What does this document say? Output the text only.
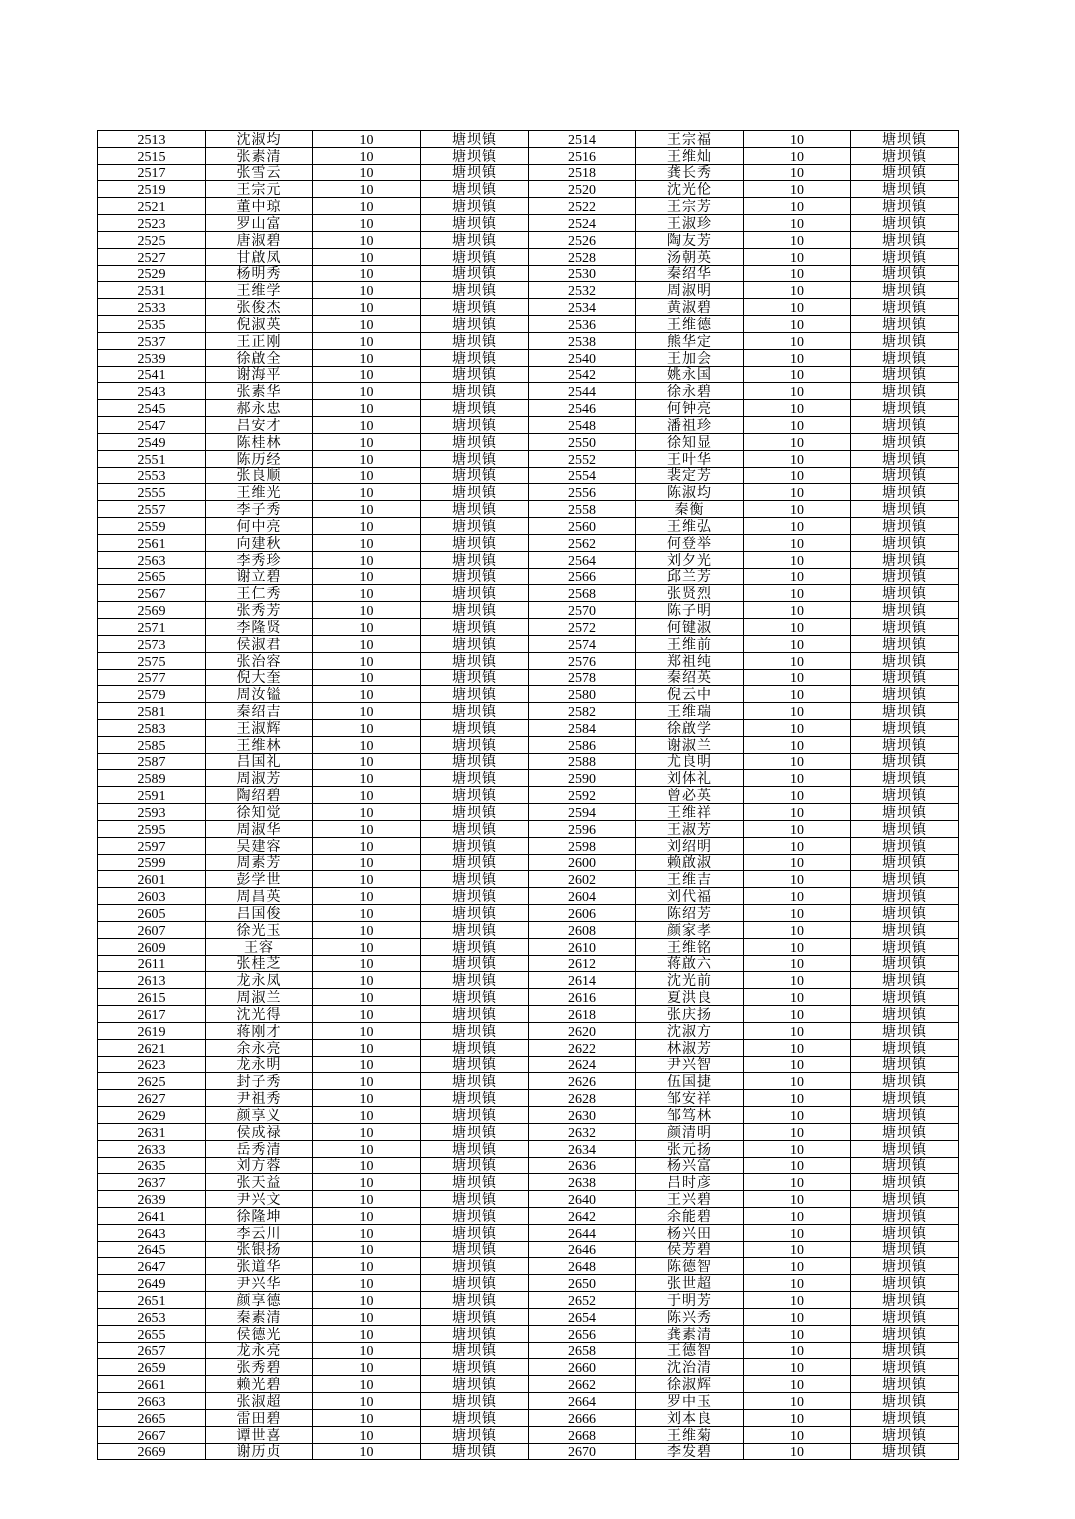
2513	沈淑均	10	塘坝镇	2514	王宗福	10	塘坝镇
2515	张素清	10	塘坝镇	2516	王维灿	10	塘坝镇
2517	张雪云	10	塘坝镇	2518	龚长秀	10	塘坝镇
2519	王宗元	10	塘坝镇	2520	沈光伦	10	塘坝镇
2521	董中琼	10	塘坝镇	2522	王宗芳	10	塘坝镇
2523	罗山富	10	塘坝镇	2524	王淑珍	10	塘坝镇
2525	唐淑碧	10	塘坝镇	2526	陶友芳	10	塘坝镇
2527	甘啟凤	10	塘坝镇	2528	汤朝英	10	塘坝镇
2529	杨明秀	10	塘坝镇	2530	秦绍华	10	塘坝镇
2531	王维学	10	塘坝镇	2532	周淑明	10	塘坝镇
2533	张俊杰	10	塘坝镇	2534	黄淑碧	10	塘坝镇
2535	倪淑英	10	塘坝镇	2536	王维德	10	塘坝镇
2537	王正刚	10	塘坝镇	2538	熊华定	10	塘坝镇
2539	徐啟全	10	塘坝镇	2540	王加会	10	塘坝镇
2541	谢海平	10	塘坝镇	2542	姚永国	10	塘坝镇
2543	张素华	10	塘坝镇	2544	徐永碧	10	塘坝镇
2545	郝永忠	10	塘坝镇	2546	何钟亮	10	塘坝镇
2547	吕安才	10	塘坝镇	2548	潘祖珍	10	塘坝镇
2549	陈桂林	10	塘坝镇	2550	徐知显	10	塘坝镇
2551	陈历经	10	塘坝镇	2552	王叶华	10	塘坝镇
2553	张良顺	10	塘坝镇	2554	裴定芳	10	塘坝镇
2555	王维光	10	塘坝镇	2556	陈淑均	10	塘坝镇
2557	李子秀	10	塘坝镇	2558	秦衡	10	塘坝镇
2559	何中亮	10	塘坝镇	2560	王维弘	10	塘坝镇
2561	向建秋	10	塘坝镇	2562	何登举	10	塘坝镇
2563	李秀珍	10	塘坝镇	2564	刘夕光	10	塘坝镇
2565	谢立碧	10	塘坝镇	2566	邱兰芳	10	塘坝镇
2567	王仁秀	10	塘坝镇	2568	张贤烈	10	塘坝镇
2569	张秀芳	10	塘坝镇	2570	陈子明	10	塘坝镇
2571	李隆贤	10	塘坝镇	2572	何键淑	10	塘坝镇
2573	侯淑君	10	塘坝镇	2574	王维前	10	塘坝镇
2575	张治容	10	塘坝镇	2576	郑祖纯	10	塘坝镇
2577	倪大奎	10	塘坝镇	2578	秦绍英	10	塘坝镇
2579	周汝镒	10	塘坝镇	2580	倪云中	10	塘坝镇
2581	秦绍吉	10	塘坝镇	2582	王维瑞	10	塘坝镇
2583	王淑辉	10	塘坝镇	2584	徐啟学	10	塘坝镇
2585	王维林	10	塘坝镇	2586	谢淑兰	10	塘坝镇
2587	吕国礼	10	塘坝镇	2588	尤良明	10	塘坝镇
2589	周淑芳	10	塘坝镇	2590	刘体礼	10	塘坝镇
2591	陶绍碧	10	塘坝镇	2592	曾必英	10	塘坝镇
2593	徐知觉	10	塘坝镇	2594	王维祥	10	塘坝镇
2595	周淑华	10	塘坝镇	2596	王淑芳	10	塘坝镇
2597	吴建容	10	塘坝镇	2598	刘绍明	10	塘坝镇
2599	周素芳	10	塘坝镇	2600	赖啟淑	10	塘坝镇
2601	彭学世	10	塘坝镇	2602	王维吉	10	塘坝镇
2603	周昌英	10	塘坝镇	2604	刘代福	10	塘坝镇
2605	吕国俊	10	塘坝镇	2606	陈绍芳	10	塘坝镇
2607	徐光玉	10	塘坝镇	2608	颜家孝	10	塘坝镇
2609	王容	10	塘坝镇	2610	王维铭	10	塘坝镇
2611	张桂芝	10	塘坝镇	2612	蒋啟六	10	塘坝镇
2613	龙永凤	10	塘坝镇	2614	沈光前	10	塘坝镇
2615	周淑兰	10	塘坝镇	2616	夏洪良	10	塘坝镇
2617	沈光得	10	塘坝镇	2618	张庆扬	10	塘坝镇
2619	蒋刚才	10	塘坝镇	2620	沈淑方	10	塘坝镇
2621	余永亮	10	塘坝镇	2622	林淑芳	10	塘坝镇
2623	龙永明	10	塘坝镇	2624	尹兴智	10	塘坝镇
2625	封子秀	10	塘坝镇	2626	伍国捷	10	塘坝镇
2627	尹祖秀	10	塘坝镇	2628	邹安祥	10	塘坝镇
2629	颜享义	10	塘坝镇	2630	邹笃林	10	塘坝镇
2631	侯成禄	10	塘坝镇	2632	颜清明	10	塘坝镇
2633	岳秀清	10	塘坝镇	2634	张元扬	10	塘坝镇
2635	刘方蓉	10	塘坝镇	2636	杨兴富	10	塘坝镇
2637	张天益	10	塘坝镇	2638	吕时彦	10	塘坝镇
2639	尹兴文	10	塘坝镇	2640	王兴碧	10	塘坝镇
2641	徐隆坤	10	塘坝镇	2642	余能碧	10	塘坝镇
2643	李云川	10	塘坝镇	2644	杨兴田	10	塘坝镇
2645	张银扬	10	塘坝镇	2646	侯芳碧	10	塘坝镇
2647	张道华	10	塘坝镇	2648	陈德智	10	塘坝镇
2649	尹兴华	10	塘坝镇	2650	张世超	10	塘坝镇
2651	颜享德	10	塘坝镇	2652	于明芳	10	塘坝镇
2653	秦素清	10	塘坝镇	2654	陈兴秀	10	塘坝镇
2655	侯德光	10	塘坝镇	2656	龚素清	10	塘坝镇
2657	龙永亮	10	塘坝镇	2658	王德智	10	塘坝镇
2659	张秀碧	10	塘坝镇	2660	沈治清	10	塘坝镇
2661	赖光碧	10	塘坝镇	2662	徐淑辉	10	塘坝镇
2663	张淑超	10	塘坝镇	2664	罗中玉	10	塘坝镇
2665	雷田碧	10	塘坝镇	2666	刘本良	10	塘坝镇
2667	谭世喜	10	塘坝镇	2668	王维菊	10	塘坝镇
2669	谢历贞	10	塘坝镇	2670	李发碧	10	塘坝镇
